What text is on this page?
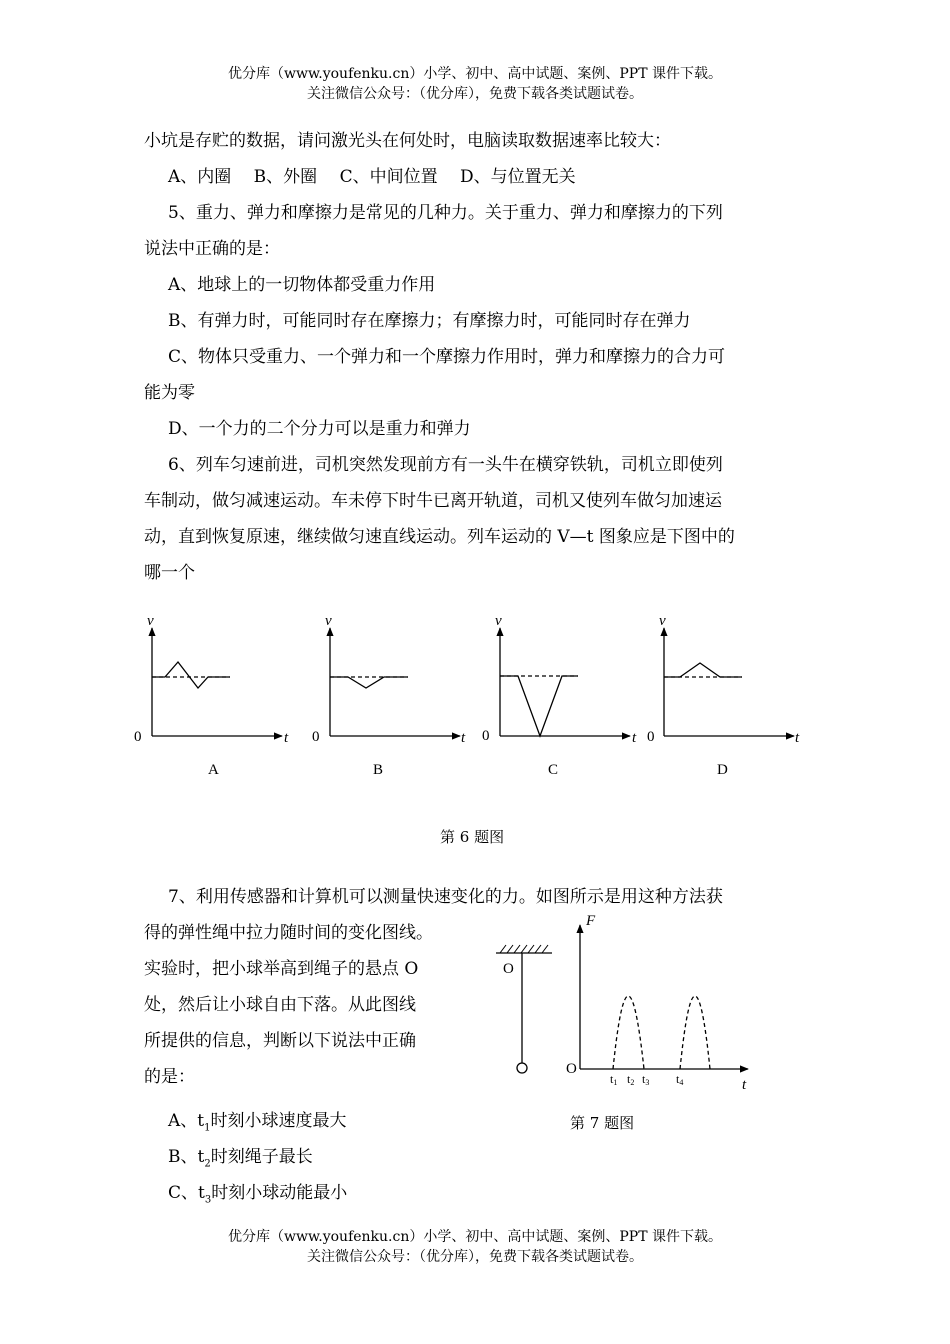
优分库（www.youfenku.cn）小学、初中、高中试题、案例、PPT 课件下载。
关注微信公众号：（优分库），免费下载各类试题试卷。
小坑是存贮的数据，请问激光头在何处时，电脑读取数据速率比较大：
A、内圈　 B、外圈　 C、中间位置　 D、与位置无关
5、重力、弹力和摩擦力是常见的几种力。关于重力、弹力和摩擦力的下列
说法中正确的是：
A、地球上的一切物体都受重力作用
B、有弹力时，可能同时存在摩擦力；有摩擦力时，可能同时存在弹力
C、物体只受重力、一个弹力和一个摩擦力作用时，弹力和摩擦力的合力可
能为零
D、一个力的二个分力可以是重力和弹力
6、列车匀速前进，司机突然发现前方有一头牛在横穿铁轨，司机立即使列
车制动，做匀减速运动。车未停下时牛已离开轨道，司机又使列车做匀加速运
动，直到恢复原速，继续做匀速直线运动。列车运动的 V—t 图象应是下图中的
哪一个
v
t
0
A
v
t
0
B
v
t
0
C
v
t
0
D
第 6 题图
7、利用传感器和计算机可以测量快速变化的力。如图所示是用这种方法获
得的弹性绳中拉力随时间的变化图线。
实验时，把小球举高到绳子的悬点 O
处，然后让小球自由下落。从此图线
所提供的信息，判断以下说法中正确
的是：
O
F
O
t
t1 t2 t3 t4
第 7 题图
A、$t_1$时刻小球速度最大
B、$t_2$时刻绳子最长
C、$t_3$时刻小球动能最小
优分库（www.youfenku.cn）小学、初中、高中试题、案例、PPT 课件下载。
关注微信公众号：（优分库），免费下载各类试题试卷。
